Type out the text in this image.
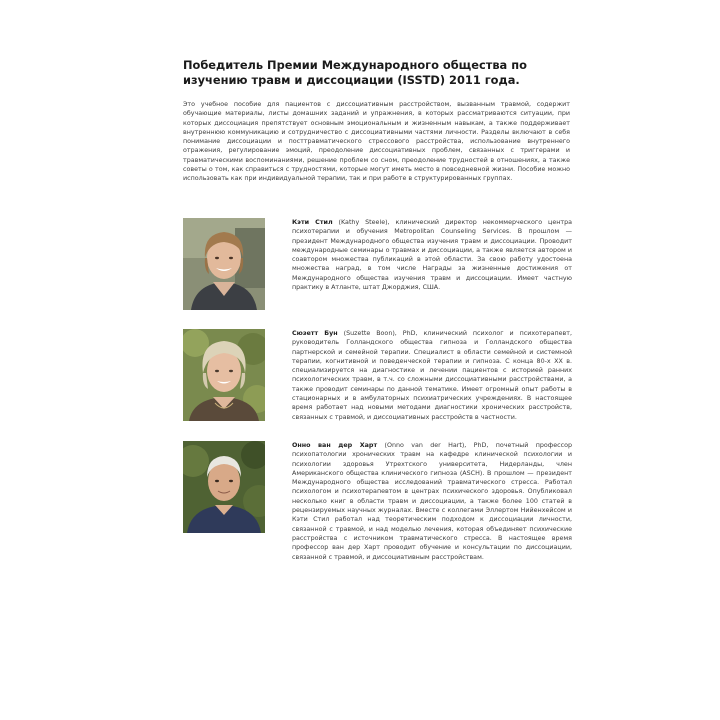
Победитель Премии Международного общества по изучению травм и диссоциации (ISSTD) 2011 года.

Это учебное пособие для пациентов с диссоциативным расстройством, вызванным травмой, содержит обучающие материалы, листы домашних заданий и упражнения, в которых рассматриваются ситуации, при которых диссоциация препятствует основным эмоциональным и жизненным навыкам, а также поддерживает внутреннюю коммуникацию и сотрудничество с диссоциативными частями личности. Разделы включают в себя понимание диссоциации и посттравматического стрессового расстройства, использование внутреннего отражения, регулирование эмоций, преодоление диссоциативных проблем, связанных с триггерами и травматическими воспоминаниями, решение проблем со сном, преодоление трудностей в отношениях, а также советы о том, как справиться с трудностями, которые могут иметь место в повседневной жизни. Пособие можно использовать как при индивидуальной терапии, так и при работе в структурированных группах.

Кэти Стил (Kathy Steele), клинический директор некоммерческого центра психотерапии и обучения Metropolitan Counseling Services. В прошлом — президент Международного общества изучения травм и диссоциации. Проводит международные семинары о травмах и диссоциации, а также является автором и соавтором множества публикаций в этой области. За свою работу удостоена множества наград, в том числе Награды за жизненные достижения от Международного общества изучения травм и диссоциации. Имеет частную практику в Атланте, штат Джорджия, США.

Сюзетт Бун (Suzette Boon), PhD, клинический психолог и психотерапевт, руководитель Голландского общества гипноза и Голландского общества партнерской и семейной терапии. Специалист в области семейной и системной терапии, когнитивной и поведенческой терапии и гипноза. С конца 80-х XX в. специализируется на диагностике и лечении пациентов с историей ранних психологических травм, в т.ч. со сложными диссоциативными расстройствами, а также проводит семинары по данной тематике. Имеет огромный опыт работы в стационарных и в амбулаторных психиатрических учреждениях. В настоящее время работает над новыми методами диагностики хронических расстройств, связанных с травмой, и диссоциативных расстройств в частности.

Онно ван дер Харт (Onno van der Hart), PhD, почетный профессор психопатологии хронических травм на кафедре клинической психологии и психологии здоровья Утрехтского университета, Нидерланды, член Американского общества клинического гипноза (ASCH). В прошлом — президент Международного общества исследований травматического стресса. Работал психологом и психотерапевтом в центрах психического здоровья. Опубликовал несколько книг в области травм и диссоциации, а также более 100 статей в рецензируемых научных журналах. Вместе с коллегами Эллертом Нийенхейсом и Кэти Стил работал над теоретическим подходом к диссоциации личности, связанной с травмой, и над моделью лечения, которая объединяет психические расстройства с источником травматического стресса. В настоящее время профессор ван дер Харт проводит обучение и консультации по диссоциации, связанной с травмой, и диссоциативным расстройствам.
